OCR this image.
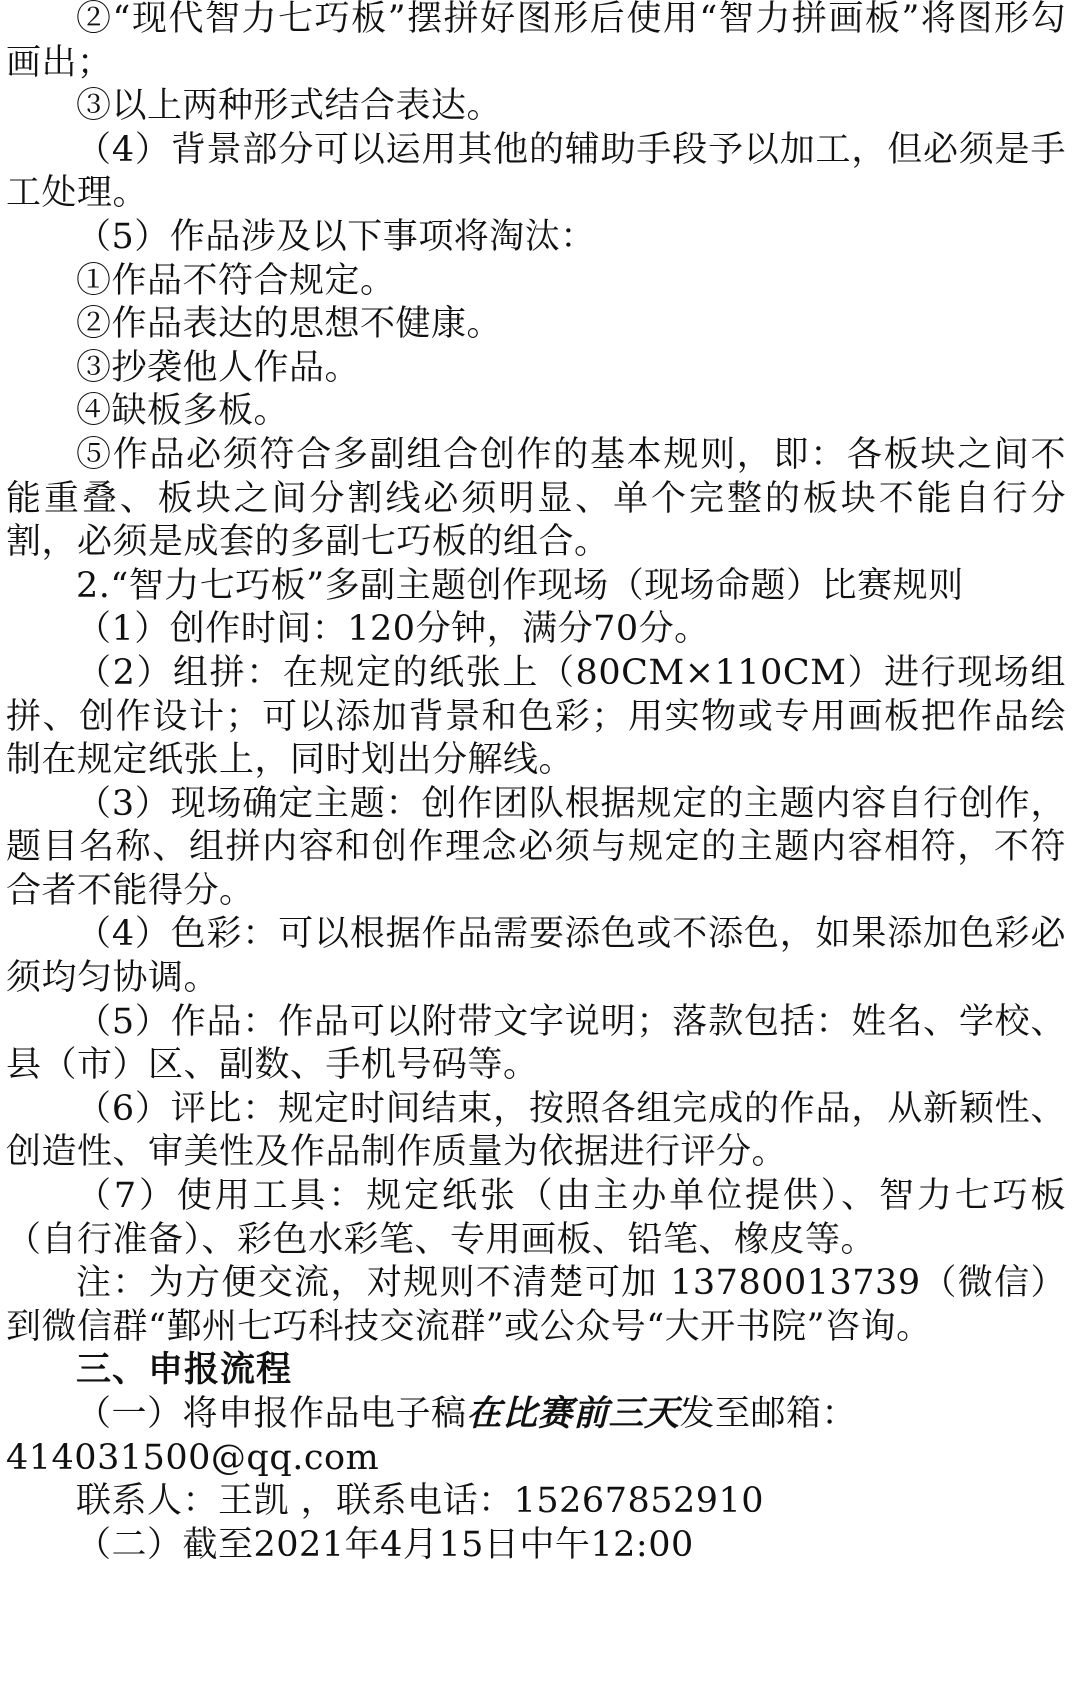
②“现代智力七巧板”摆拼好图形后使用“智力拼画板”将图形勾画出；

③以上两种形式结合表达。

（4）背景部分可以运用其他的辅助手段予以加工，但必须是手工处理。

（5）作品涉及以下事项将淘汰：

①作品不符合规定。

②作品表达的思想不健康。

③抄袭他人作品。

④缺板多板。

⑤作品必须符合多副组合创作的基本规则，即：各板块之间不能重叠、板块之间分割线必须明显、单个完整的板块不能自行分割，必须是成套的多副七巧板的组合。

2.“智力七巧板”多副主题创作现场（现场命题）比赛规则

（1）创作时间：120分钟，满分70分。

（2）组拼：在规定的纸张上（80CM×110CM）进行现场组拼、创作设计；可以添加背景和色彩；用实物或专用画板把作品绘制在规定纸张上，同时划出分解线。

（3）现场确定主题：创作团队根据规定的主题内容自行创作，题目名称、组拼内容和创作理念必须与规定的主题内容相符，不符合者不能得分。

（4）色彩：可以根据作品需要添色或不添色，如果添加色彩必须均匀协调。

（5）作品：作品可以附带文字说明；落款包括：姓名、学校、县（市）区、副数、手机号码等。

（6）评比：规定时间结束，按照各组完成的作品，从新颖性、创造性、审美性及作品制作质量为依据进行评分。

（7）使用工具：规定纸张（由主办单位提供）、智力七巧板（自行准备）、彩色水彩笔、专用画板、铅笔、橡皮等。

注：为方便交流，对规则不清楚可加 13780013739（微信）到微信群“鄞州七巧科技交流群”或公众号“大开书院”咨询。

三、申报流程

（一）将申报作品电子稿在比赛前三天发至邮箱：

414031500@qq.com

联系人：王凯 ，联系电话：15267852910

（二）截至2021年4月15日中午12:00
